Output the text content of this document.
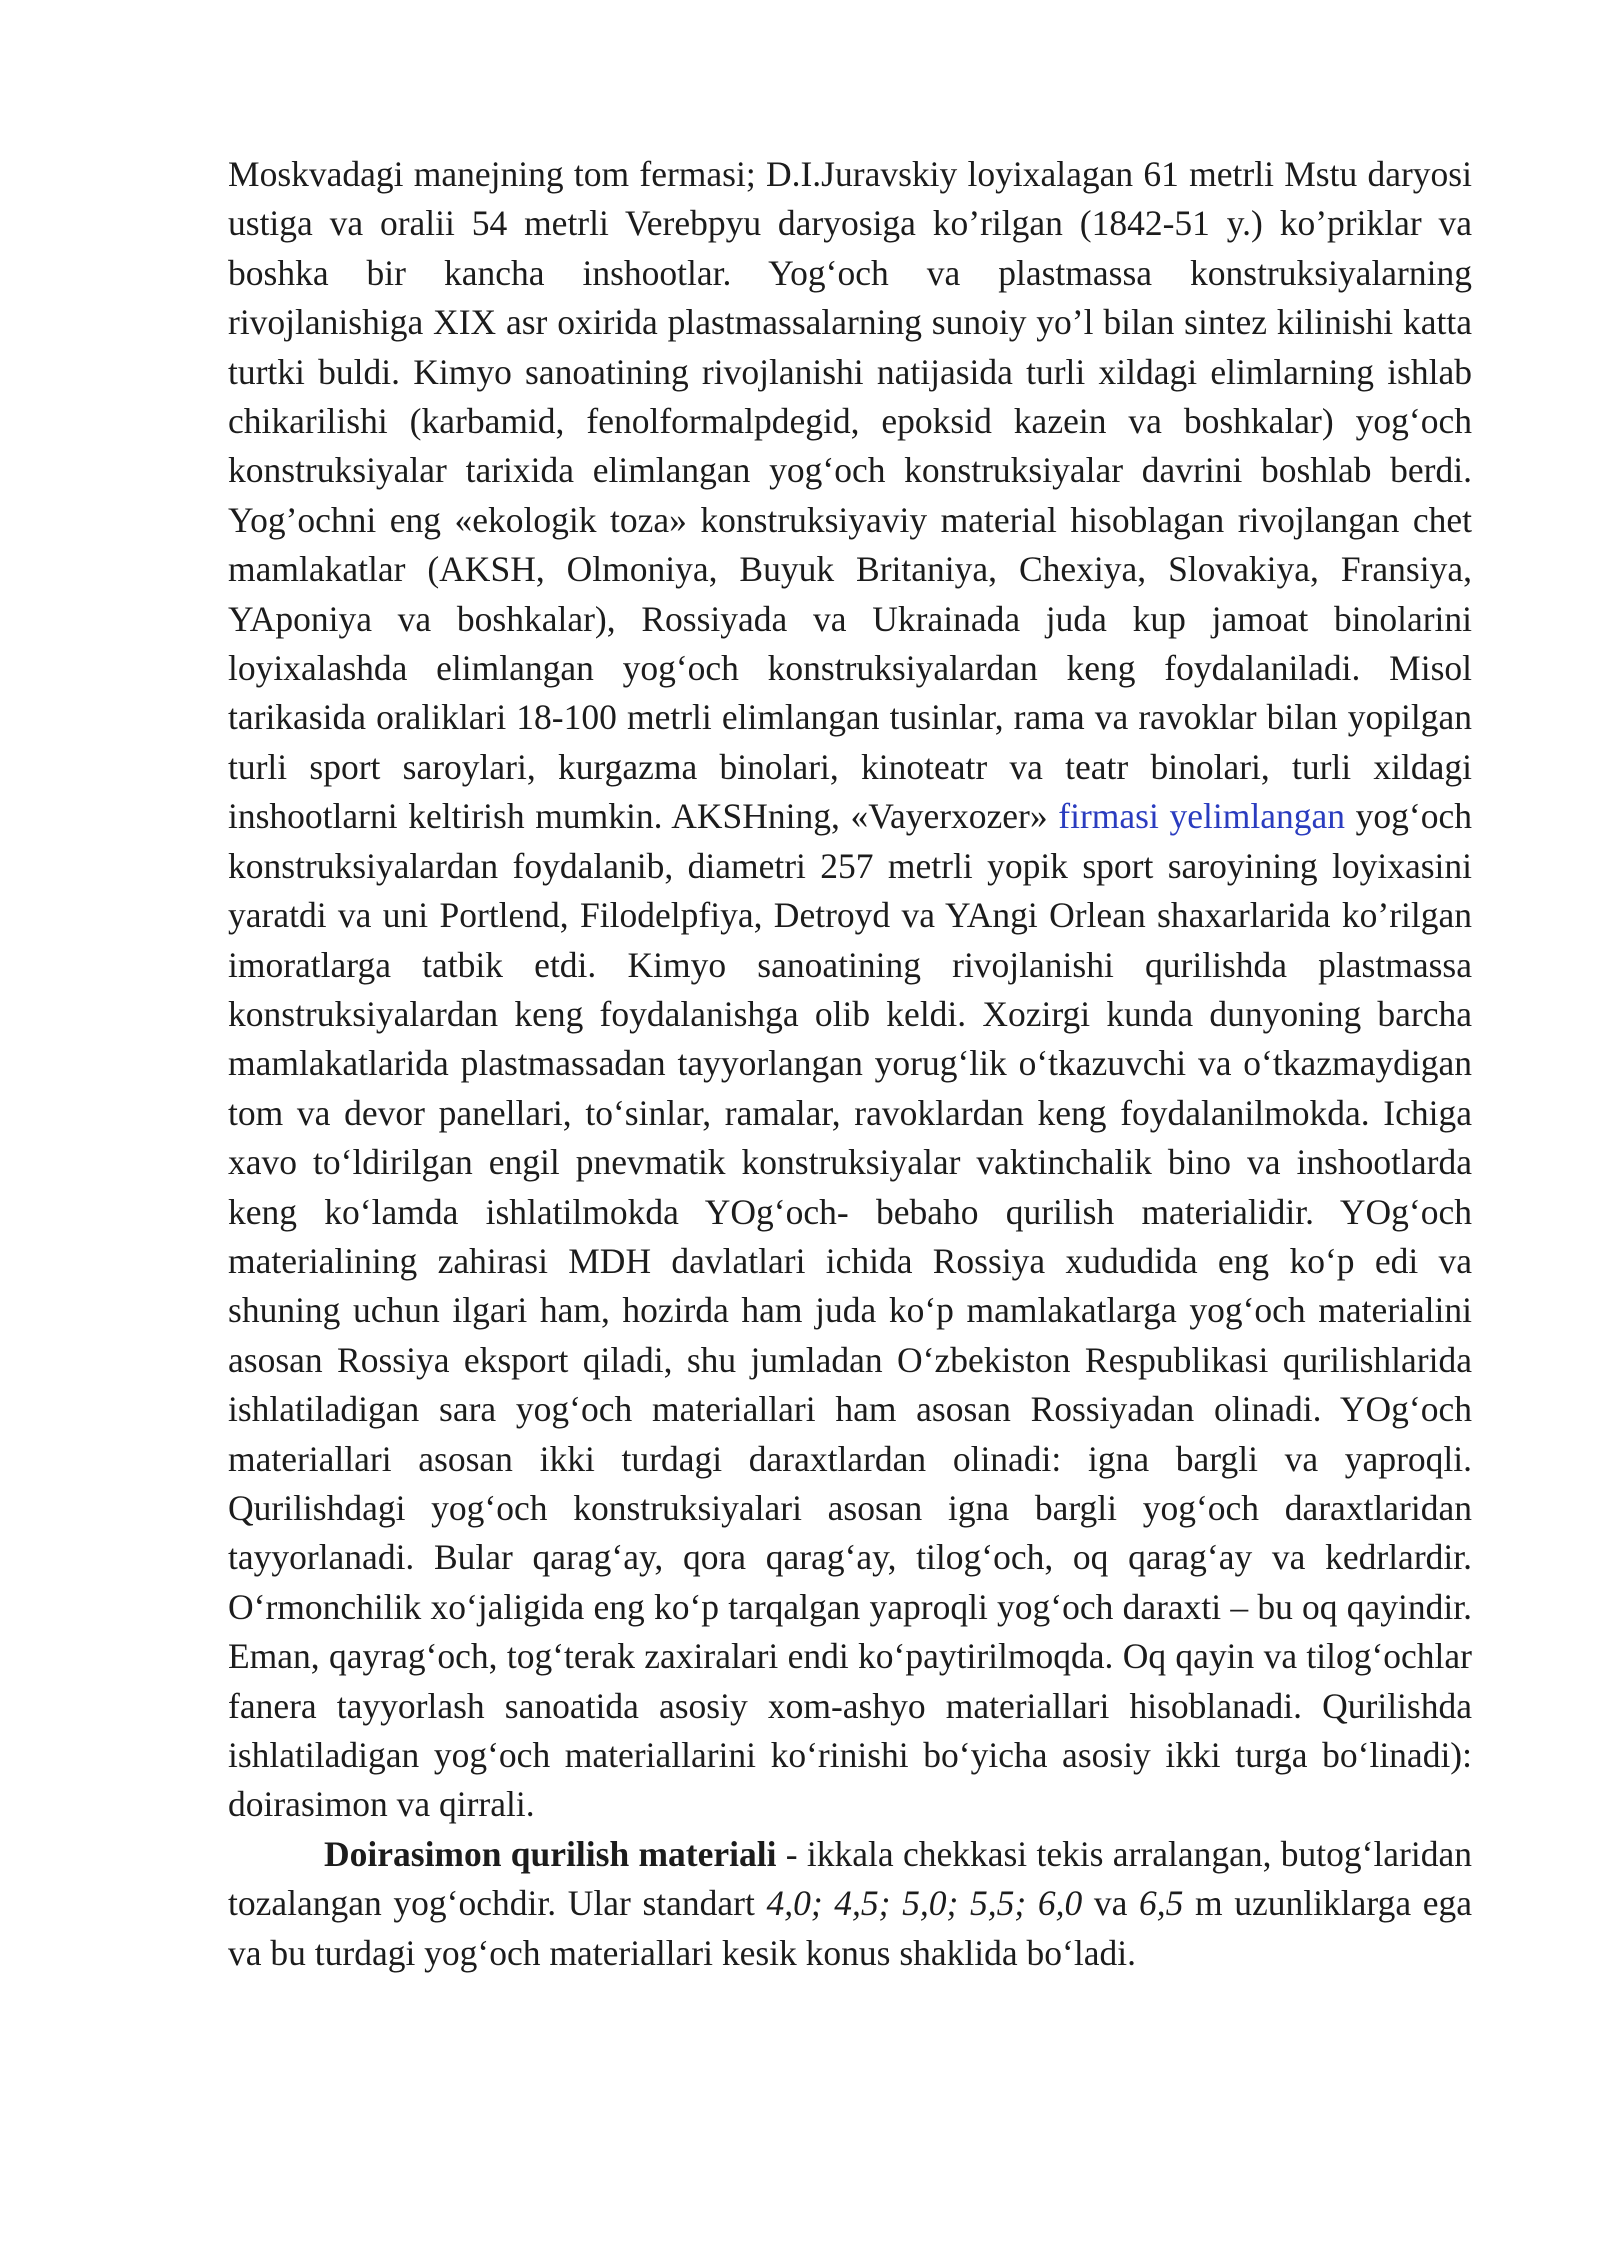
Moskvadagi manejning tom fermasi; D.I.Juravskiy loyixalagan 61 metrli Mstu daryosi ustiga va oralii 54 metrli Verebpyu daryosiga ko’rilgan (1842-51 y.) ko’priklar va boshka bir kancha inshootlar. Yog‘och va plastmassa konstruksiyalarning rivojlanishiga XIX asr oxirida plastmassalarning sunoiy yo’l bilan sintez kilinishi katta turtki buldi. Kimyo sanoatining rivojlanishi natijasida turli xildagi elimlarning ishlab chikarilishi (karbamid, fenolformalpdegid, epoksid kazein va boshkalar) yog‘och konstruksiyalar tarixida elimlangan yog‘och konstruksiyalar davrini boshlab berdi. Yog’ochni eng «ekologik toza» konstruksiyaviy material hisoblagan rivojlangan chet mamlakatlar (AKSH, Olmoniya, Buyuk Britaniya, Chexiya, Slovakiya, Fransiya, YAponiya va boshkalar), Rossiyada va Ukrainada juda kup jamoat binolarini loyixalashda elimlangan yog‘och konstruksiyalardan keng foydalaniladi. Misol tarikasida oraliklari 18-100 metrli elimlangan tusinlar, rama va ravoklar bilan yopilgan turli sport saroylari, kurgazma binolari, kinoteatr va teatr binolari, turli xildagi inshootlarni keltirish mumkin. AKSHning, «Vayerxozer» firmasi yelimlangan yog‘och konstruksiyalardan foydalanib, diametri 257 metrli yopik sport saroyining loyixasini yaratdi va uni Portlend, Filodelpfiya, Detroyd va YAngi Orlean shaxarlarida ko’rilgan imoratlarga tatbik etdi. Kimyo sanoatining rivojlanishi qurilishda plastmassa konstruksiyalardan keng foydalanishga olib keldi. Xozirgi kunda dunyoning barcha mamlakatlarida plastmassadan tayyorlangan yorug‘lik o‘tkazuvchi va o‘tkazmaydigan tom va devor panellari, to‘sinlar, ramalar, ravoklardan keng foydalanilmokda. Ichiga xavo to‘ldirilgan engil pnevmatik konstruksiyalar vaktinchalik bino va inshootlarda keng ko‘lamda ishlatilmokda YOg‘och- bebaho qurilish materialidir. YOg‘och materialining zahirasi MDH davlatlari ichida Rossiya xududida eng ko‘p edi va shuning uchun ilgari ham, hozirda ham juda ko‘p mamlakatlarga yog‘och materialini asosan Rossiya eksport qiladi, shu jumladan O‘zbekiston Respublikasi qurilishlarida ishlatiladigan sara yog‘och materiallari ham asosan Rossiyadan olinadi. YOg‘och materiallari asosan ikki turdagi daraxtlardan olinadi: igna bargli va yaproqli. Qurilishdagi yog‘och konstruksiyalari asosan igna bargli yog‘och daraxtlaridan tayyorlanadi. Bular qarag‘ay, qora qarag‘ay, tilog‘och, oq qarag‘ay va kedrlardir. O‘rmonchilik xo‘jaligida eng ko‘p tarqalgan yaproqli yog‘och daraxti – bu oq qayindir. Eman, qayrag‘och, tog‘terak zaxiralari endi ko‘paytirilmoqda. Oq qayin va tilog‘ochlar fanera tayyorlash sanoatida asosiy xom-ashyo materiallari hisoblanadi. Qurilishda ishlatiladigan yog‘och materiallarini ko‘rinishi bo‘yicha asosiy ikki turga bo‘linadi): doirasimon va qirrali.

Doirasimon qurilish materiali - ikkala chekkasi tekis arralangan, butog‘laridan tozalangan yog‘ochdir. Ular standart 4,0; 4,5; 5,0; 5,5; 6,0 va 6,5 m uzunliklarga ega va bu turdagi yog‘och materiallari kesik konus shaklida bo‘ladi.
